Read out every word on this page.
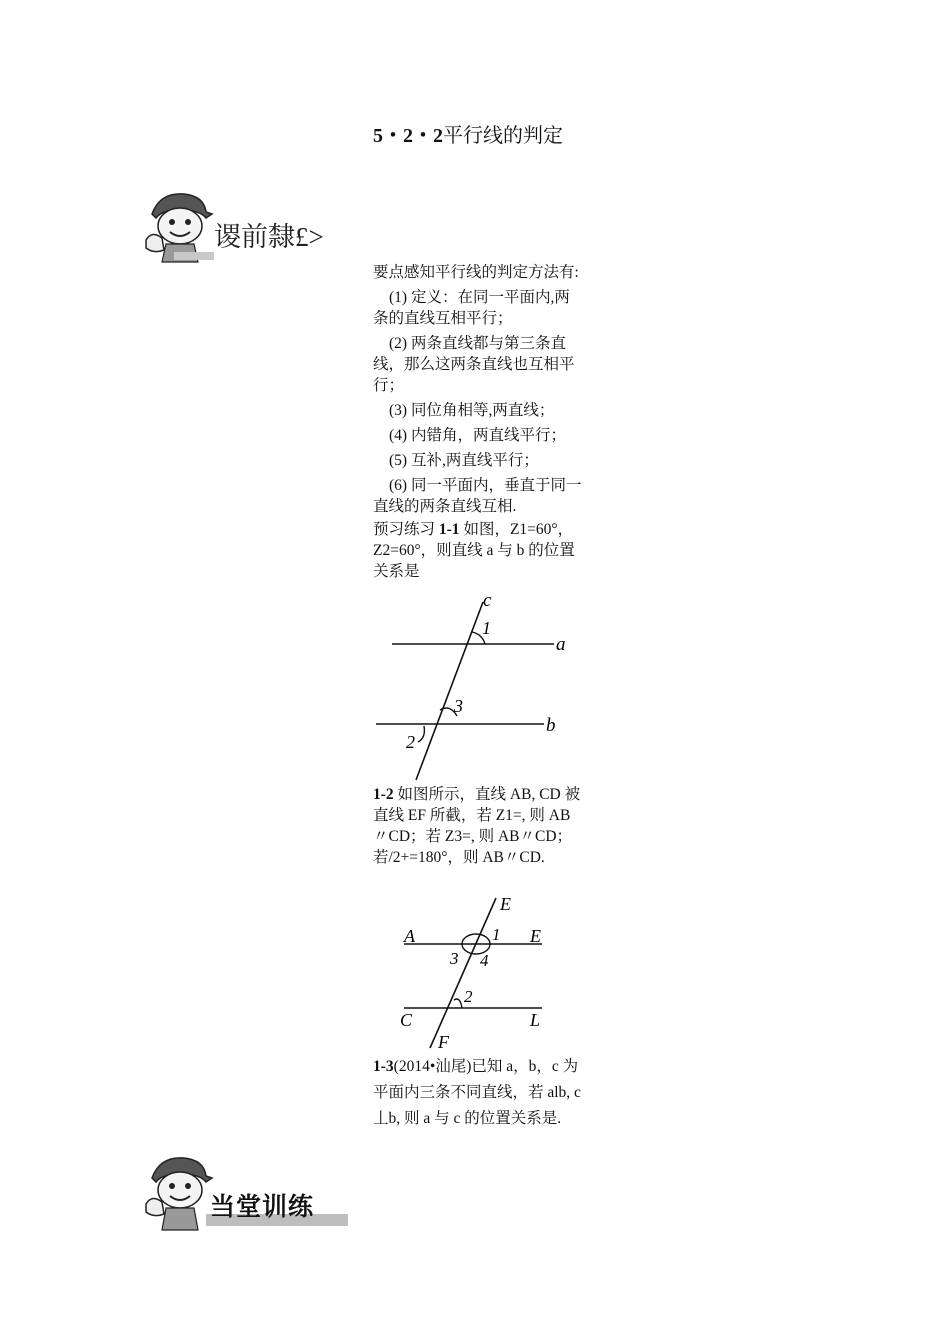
5・2・2平行线的判定
谡前隸£>

要点感知平行线的判定方法有:

(1) 定义：在同一平面内,两条的直线互相平行；

(2) 两条直线都与第三条直线，那么这两条直线也互相平行；

(3) 同位角相等,两直线；

(4) 内错角，两直线平行；

(5) 互补,两直线平行；

(6) 同一平面内，垂直于同一直线的两条直线互相.

预习练习 1-1 如图，Z1=60°，Z2=60°，则直线 a 与 b 的位置关系是

c
1
a
3
b
2

1-2 如图所示，直线 AB, CD 被直线 EF 所截，若 Z1=, 则 AB〃CD；若 Z3=, 则 AB〃CD；若/2+=180°，则 AB〃CD.

E
A	1 E
3 4
2
C	L
F

1-3(2014•汕尾)已知 a，b，c 为平面内三条不同直线，若 alb, c丄b, 则 a 与 c 的位置关系是.

当堂训练
